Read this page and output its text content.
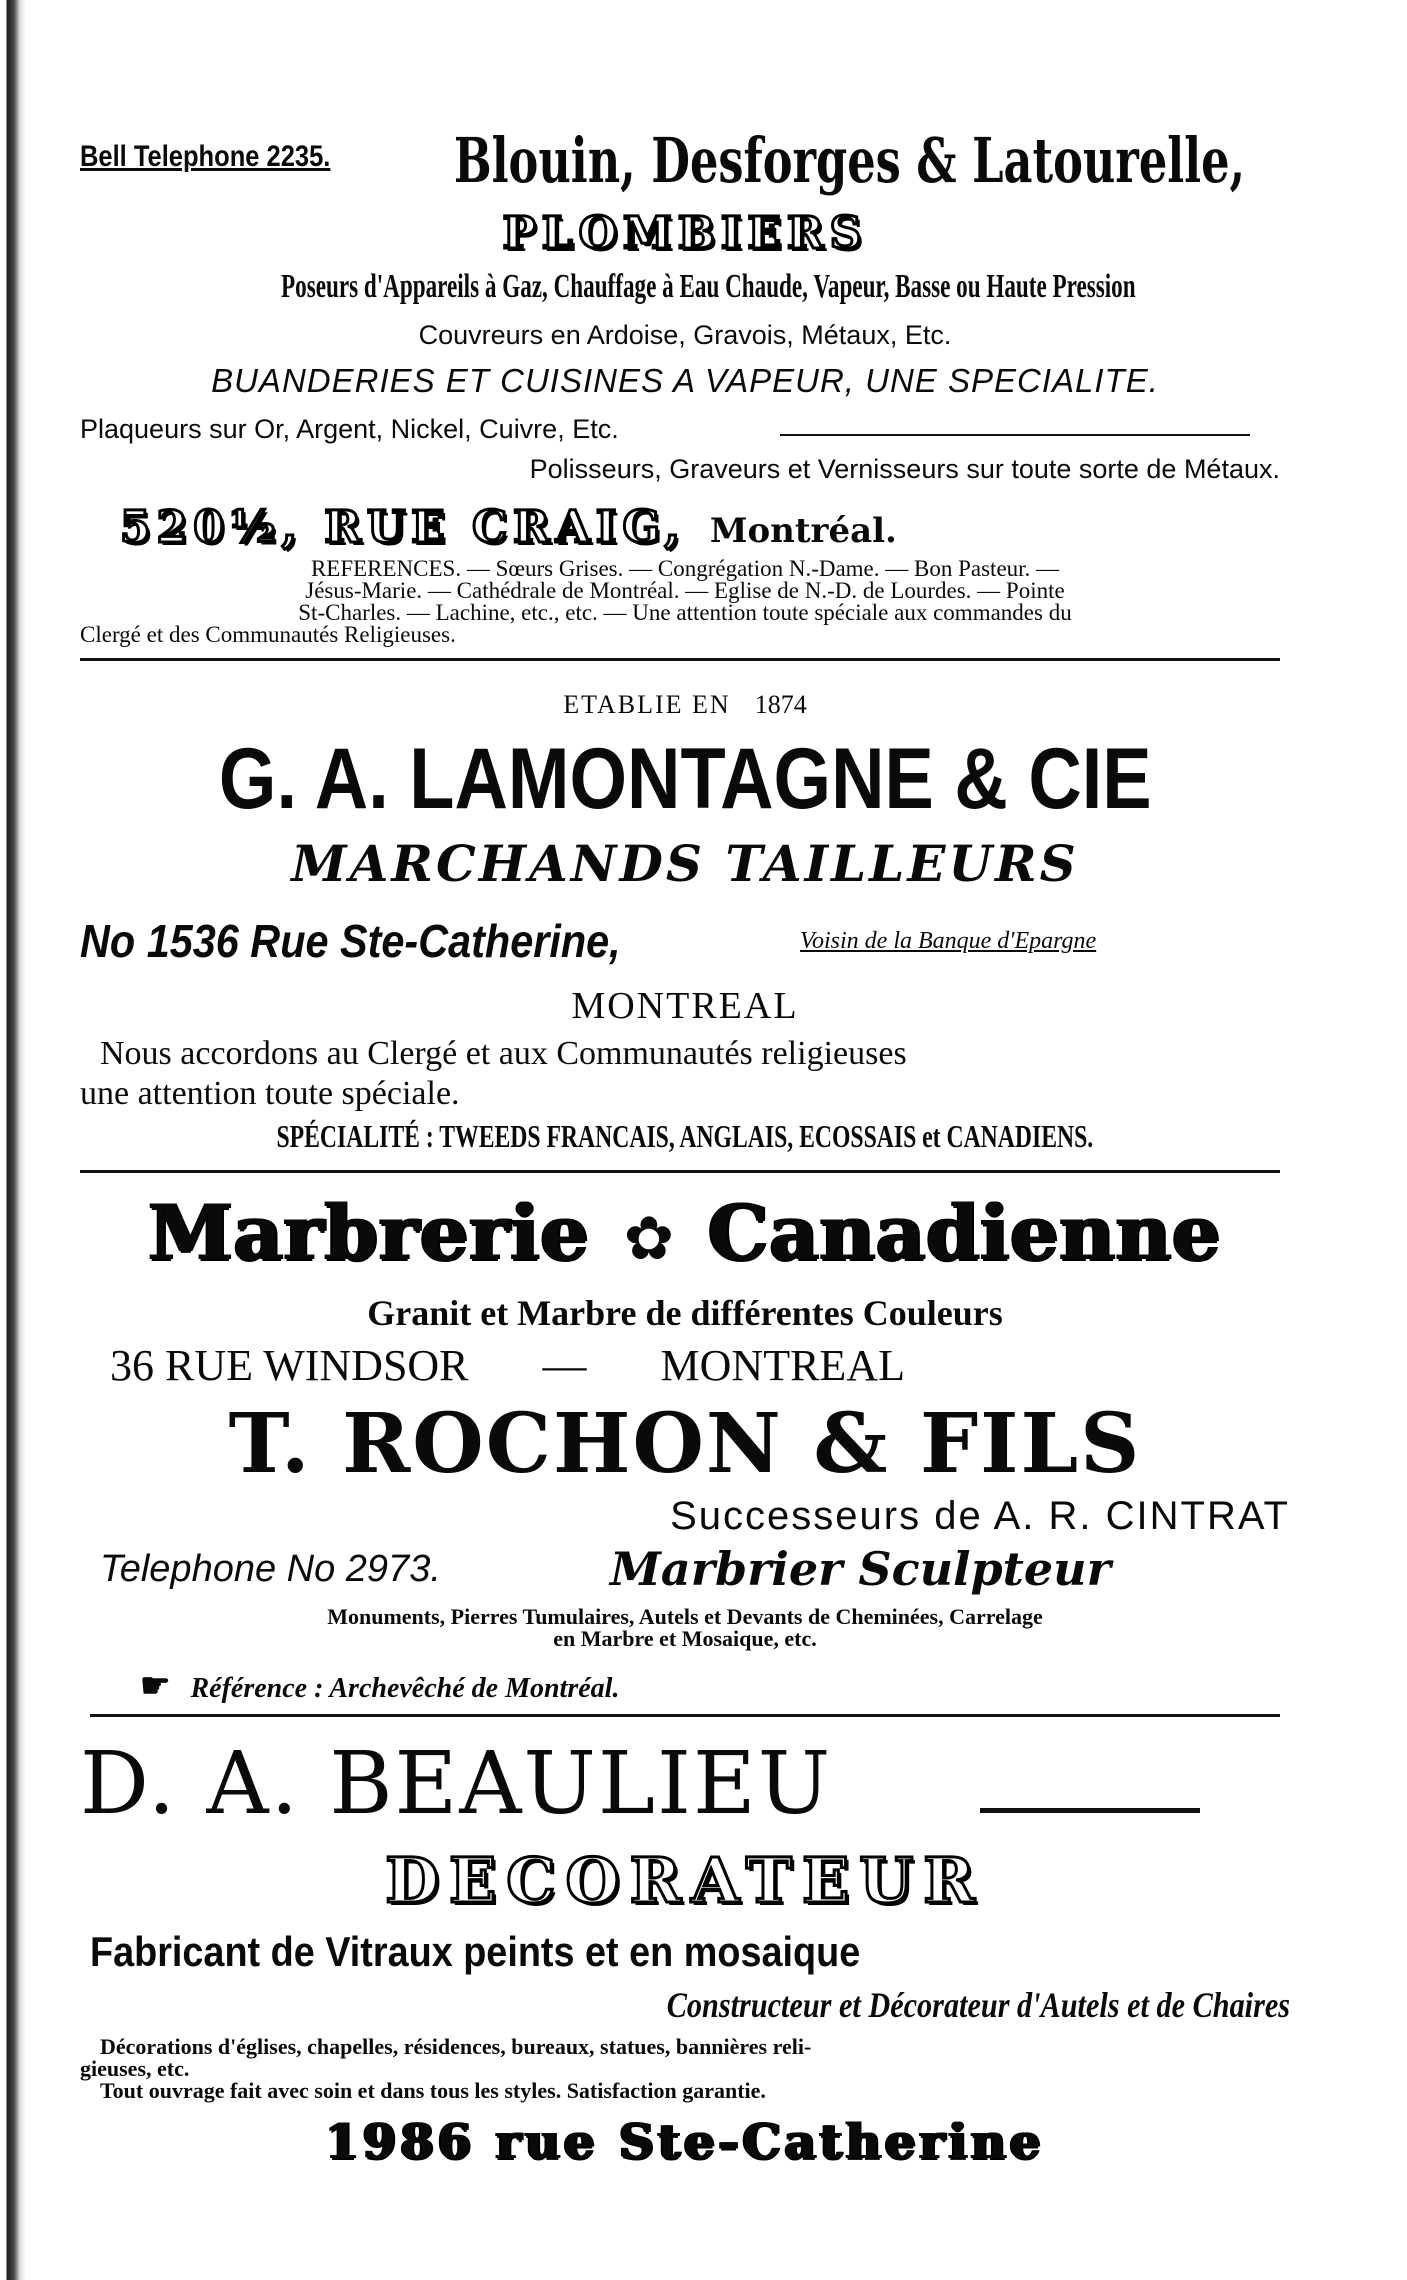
Bell Telephone 2235.	Blouin, Desforges & Latourelle,
PLOMBIERS
Poseurs d'Appareils à Gaz, Chauffage à Eau Chaude, Vapeur, Basse ou Haute Pression
Couvreurs en Ardoise, Gravois, Métaux, Etc.
BUANDERIES ET CUISINES A VAPEUR, UNE SPECIALITE.
Plaqueurs sur Or, Argent, Nickel, Cuivre, Etc.
Polisseurs, Graveurs et Vernisseurs sur toute sorte de Métaux.
520½, RUE CRAIG, Montréal.
REFERENCES. — Sœurs Grises. — Congrégation N.-Dame. — Bon Pasteur. —
Jésus-Marie. — Cathédrale de Montréal. — Eglise de N.-D. de Lourdes. — Pointe
St-Charles. — Lachine, etc., etc. — Une attention toute spéciale aux commandes du
Clergé et des Communautés Religieuses.
ETABLIE EN 1874
G. A. LAMONTAGNE & CIE
MARCHANDS TAILLEURS
No 1536 Rue Ste-Catherine,	Voisin de la Banque d'Epargne
MONTREAL
Nous accordons au Clergé et aux Communautés religieuses
une attention toute spéciale.
SPÉCIALITÉ : TWEEDS FRANCAIS, ANGLAIS, ECOSSAIS et CANADIENS.
Marbrerie ✿ Canadienne
Granit et Marbre de différentes Couleurs
36 RUE WINDSOR — MONTREAL
T. ROCHON & FILS
Successeurs de A. R. CINTRAT
Telephone No 2973.	Marbrier Sculpteur
Monuments, Pierres Tumulaires, Autels et Devants de Cheminées, Carrelage
en Marbre et Mosaique, etc.
☛ Référence : Archevêché de Montréal.
D. A. BEAULIEU
DECORATEUR
Fabricant de Vitraux peints et en mosaique
Constructeur et Décorateur d'Autels et de Chaires
Décorations d'églises, chapelles, résidences, bureaux, statues, bannières reli-
gieuses, etc.
Tout ouvrage fait avec soin et dans tous les styles. Satisfaction garantie.
1986 rue Ste-Catherine
